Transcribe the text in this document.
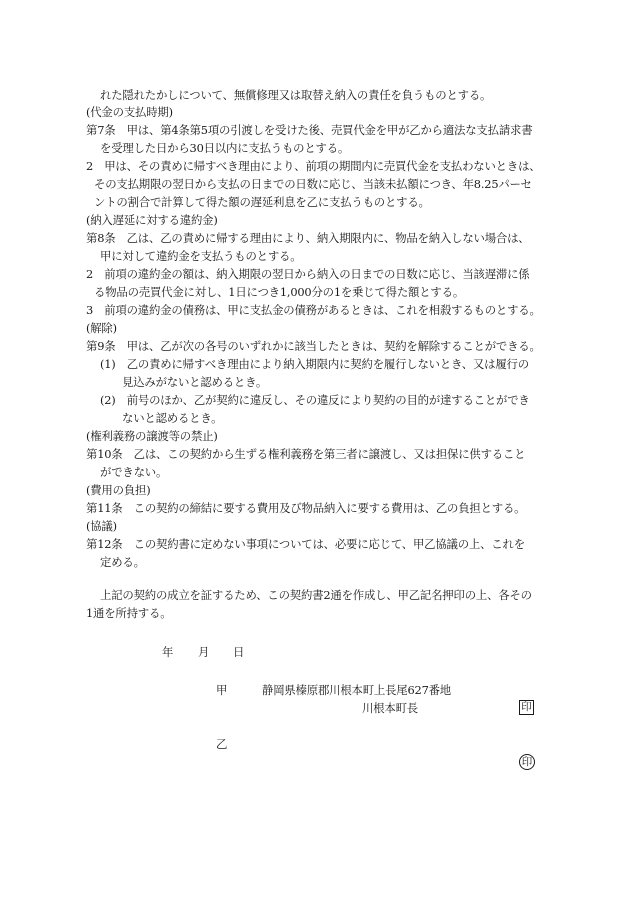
れた隠れたかしについて、無償修理又は取替え納入の責任を負うものとする。
(代金の支払時期)
第7条　甲は、第4条第5項の引渡しを受けた後、売買代金を甲が乙から適法な支払請求書
を受理した日から30日以内に支払うものとする。
2　甲は、その責めに帰すべき理由により、前項の期間内に売買代金を支払わないときは、
その支払期限の翌日から支払の日までの日数に応じ、当該未払額につき、年8.25パーセ
ントの割合で計算して得た額の遅延利息を乙に支払うものとする。
(納入遅延に対する違約金)
第8条　乙は、乙の責めに帰する理由により、納入期限内に、物品を納入しない場合は、
甲に対して違約金を支払うものとする。
2　前項の違約金の額は、納入期限の翌日から納入の日までの日数に応じ、当該遅滞に係
る物品の売買代金に対し、1日につき1,000分の1を乗じて得た額とする。
3　前項の違約金の債務は、甲に支払金の債務があるときは、これを相殺するものとする。
(解除)
第9条　甲は、乙が次の各号のいずれかに該当したときは、契約を解除することができる。
(1)　乙の責めに帰すべき理由により納入期限内に契約を履行しないとき、又は履行の
見込みがないと認めるとき。
(2)　前号のほか、乙が契約に違反し、その違反により契約の目的が達することができ
ないと認めるとき。
(権利義務の譲渡等の禁止)
第10条　乙は、この契約から生ずる権利義務を第三者に譲渡し、又は担保に供すること
ができない。
(費用の負担)
第11条　この契約の締結に要する費用及び物品納入に要する費用は、乙の負担とする。
(協議)
第12条　この契約書に定めない事項については、必要に応じて、甲乙協議の上、これを
定める。
上記の契約の成立を証するため、この契約書2通を作成し、甲乙記名押印の上、各その
1通を所持する。
年 月 日
甲	静岡県榛原郡川根本町上長尾627番地
川根本町長	印
乙
印
